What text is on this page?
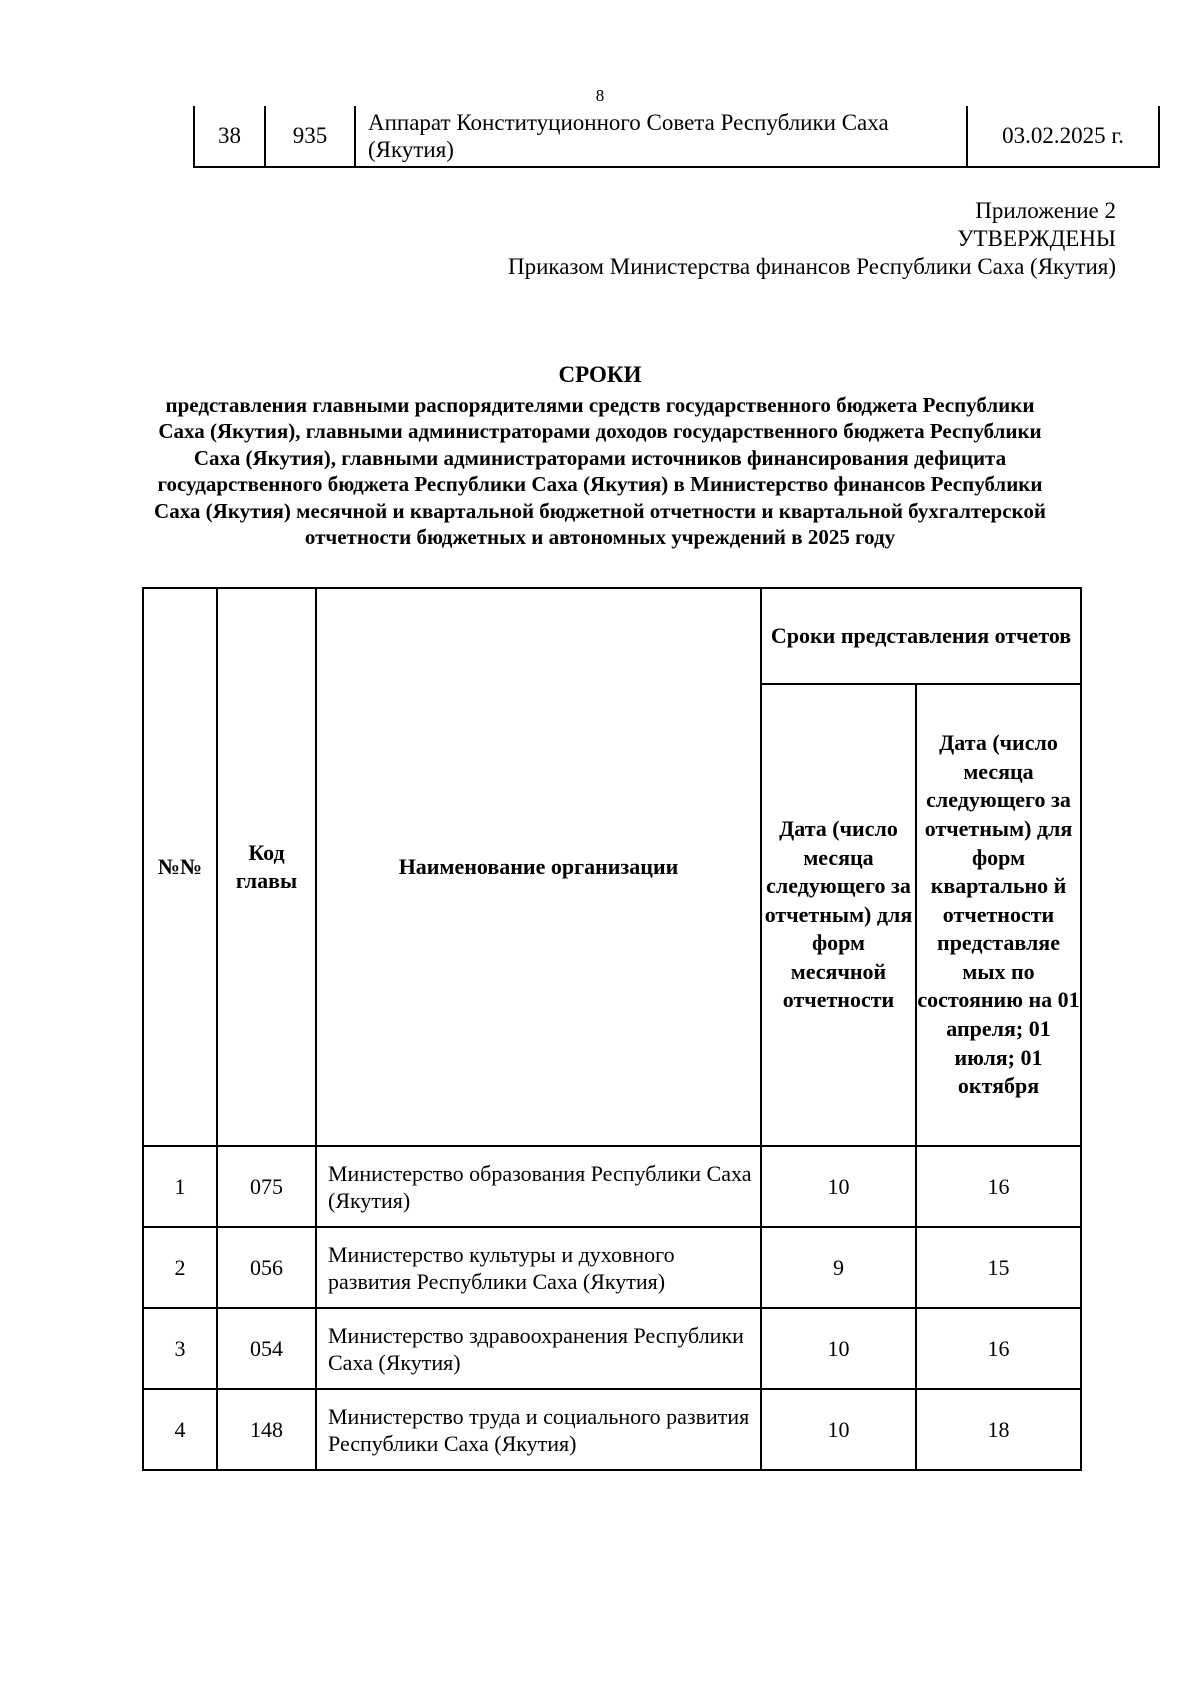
8
38	935	Аппарат Конституционного Совета Республики Саха (Якутия)	03.02.2025 г.
Приложение 2
УТВЕРЖДЕНЫ
Приказом Министерства финансов Республики Саха (Якутия)
СРОКИ
представления главными распорядителями средств государственного бюджета Республики Саха (Якутия), главными администраторами доходов государственного бюджета Республики Саха (Якутия), главными администраторами источников финансирования дефицита государственного бюджета Республики Саха (Якутия) в Министерство финансов Республики Саха (Якутия) месячной и квартальной бюджетной отчетности и квартальной бухгалтерской отчетности бюджетных и автономных учреждений в 2025 году
№№	Код главы	Наименование организации	Сроки представления отчетов	
			Дата (число месяца следующего за отчетным) для форм месячной отчетности	Дата (число месяца следующего за отчетным) для форм квартально й отчетности представляе мых по состоянию на 01 апреля; 01 июля; 01 октября
1	075	Министерство образования Республики Саха (Якутия)	10	16
2	056	Министерство культуры и духовного развития Республики Саха (Якутия)	9	15
3	054	Министерство здравоохранения Республики Саха (Якутия)	10	16
4	148	Министерство труда и социального развития Республики Саха (Якутия)	10	18
